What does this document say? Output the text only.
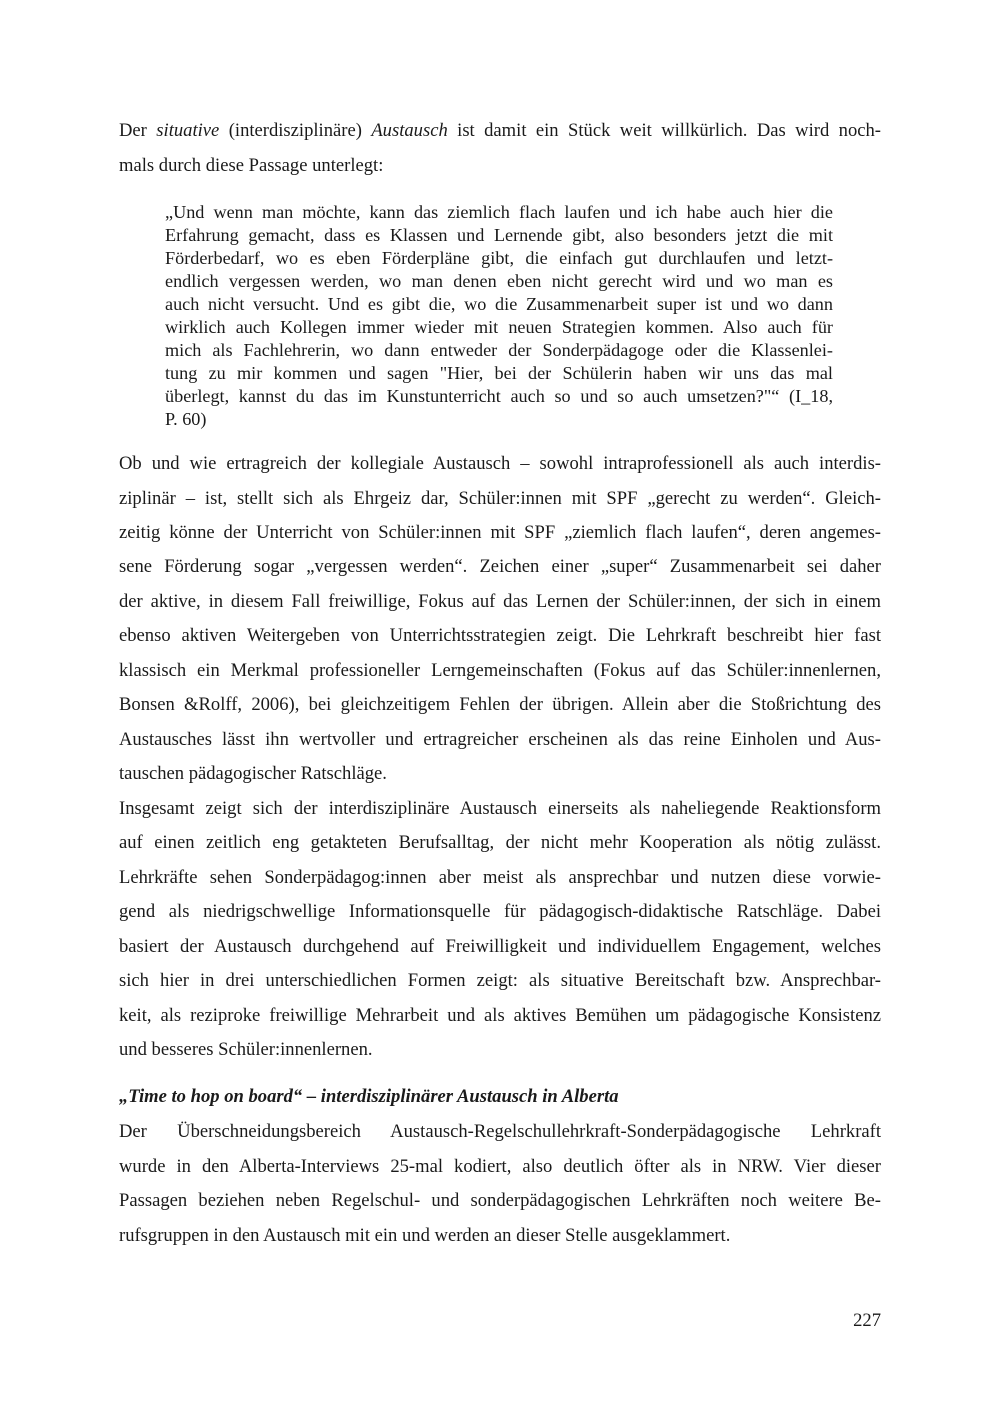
Der situative (interdisziplinäre) Austausch ist damit ein Stück weit willkürlich. Das wird noch-
mals durch diese Passage unterlegt:
„Und wenn man möchte, kann das ziemlich flach laufen und ich habe auch hier die
Erfahrung gemacht, dass es Klassen und Lernende gibt, also besonders jetzt die mit
Förderbedarf, wo es eben Förderpläne gibt, die einfach gut durchlaufen und letzt-
endlich vergessen werden, wo man denen eben nicht gerecht wird und wo man es
auch nicht versucht. Und es gibt die, wo die Zusammenarbeit super ist und wo dann
wirklich auch Kollegen immer wieder mit neuen Strategien kommen. Also auch für
mich als Fachlehrerin, wo dann entweder der Sonderpädagoge oder die Klassenlei-
tung zu mir kommen und sagen "Hier, bei der Schülerin haben wir uns das mal
überlegt, kannst du das im Kunstunterricht auch so und so auch umsetzen?"“ (I_18,
P. 60)
Ob und wie ertragreich der kollegiale Austausch – sowohl intraprofessionell als auch interdis-
ziplinär – ist, stellt sich als Ehrgeiz dar, Schüler:innen mit SPF „gerecht zu werden“. Gleich-
zeitig könne der Unterricht von Schüler:innen mit SPF „ziemlich flach laufen“, deren angemes-
sene Förderung sogar „vergessen werden“. Zeichen einer „super“ Zusammenarbeit sei daher
der aktive, in diesem Fall freiwillige, Fokus auf das Lernen der Schüler:innen, der sich in einem
ebenso aktiven Weitergeben von Unterrichtsstrategien zeigt. Die Lehrkraft beschreibt hier fast
klassisch ein Merkmal professioneller Lerngemeinschaften (Fokus auf das Schüler:innenlernen,
Bonsen &Rolff, 2006), bei gleichzeitigem Fehlen der übrigen. Allein aber die Stoßrichtung des
Austausches lässt ihn wertvoller und ertragreicher erscheinen als das reine Einholen und Aus-
tauschen pädagogischer Ratschläge.
Insgesamt zeigt sich der interdisziplinäre Austausch einerseits als naheliegende Reaktionsform
auf einen zeitlich eng getakteten Berufsalltag, der nicht mehr Kooperation als nötig zulässt.
Lehrkräfte sehen Sonderpädagog:innen aber meist als ansprechbar und nutzen diese vorwie-
gend als niedrigschwellige Informationsquelle für pädagogisch-didaktische Ratschläge. Dabei
basiert der Austausch durchgehend auf Freiwilligkeit und individuellem Engagement, welches
sich hier in drei unterschiedlichen Formen zeigt: als situative Bereitschaft bzw. Ansprechbar-
keit, als reziproke freiwillige Mehrarbeit und als aktives Bemühen um pädagogische Konsistenz
und besseres Schüler:innenlernen.
„Time to hop on board“ – interdisziplinärer Austausch in Alberta
Der Überschneidungsbereich Austausch-Regelschullehrkraft-Sonderpädagogische Lehrkraft
wurde in den Alberta-Interviews 25-mal kodiert, also deutlich öfter als in NRW. Vier dieser
Passagen beziehen neben Regelschul- und sonderpädagogischen Lehrkräften noch weitere Be-
rufsgruppen in den Austausch mit ein und werden an dieser Stelle ausgeklammert.
227
